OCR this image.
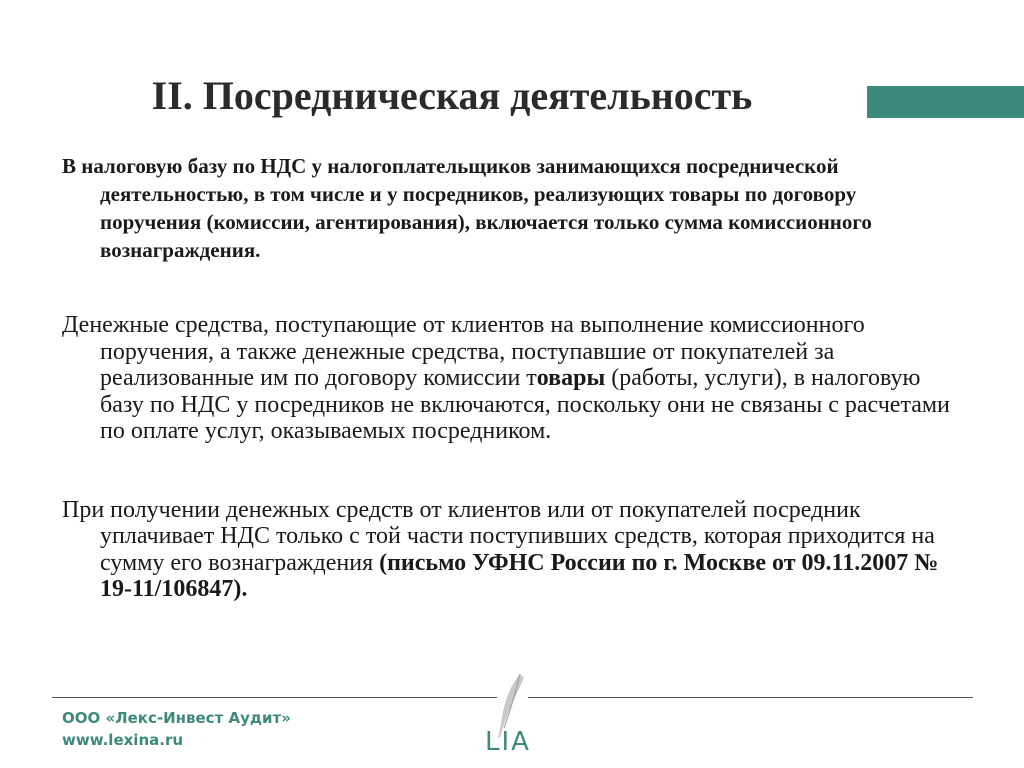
II. Посредническая деятельность

В налоговую базу по НДС у налогоплательщиков занимающихся посреднической деятельностью, в том числе и у посредников, реализующих товары по договору поручения (комиссии, агентирования), включается только сумма комиссионного вознаграждения.

Денежные средства, поступающие от клиентов на выполнение комиссионного поручения, а также денежные средства, поступавшие от покупателей за реализованные им по договору комиссии товары (работы, услуги), в налоговую базу по НДС у посредников не включаются, поскольку они не связаны с расчетами по оплате услуг, оказываемых посредником.

При получении денежных средств от клиентов или от покупателей посредник уплачивает НДС только с той части поступивших средств, которая приходится на сумму его вознаграждения (письмо УФНС России по г. Москве от 09.11.2007 № 19-11/106847).

ООО «Лекс-Инвест Аудит»
www.lexina.ru	LIA
